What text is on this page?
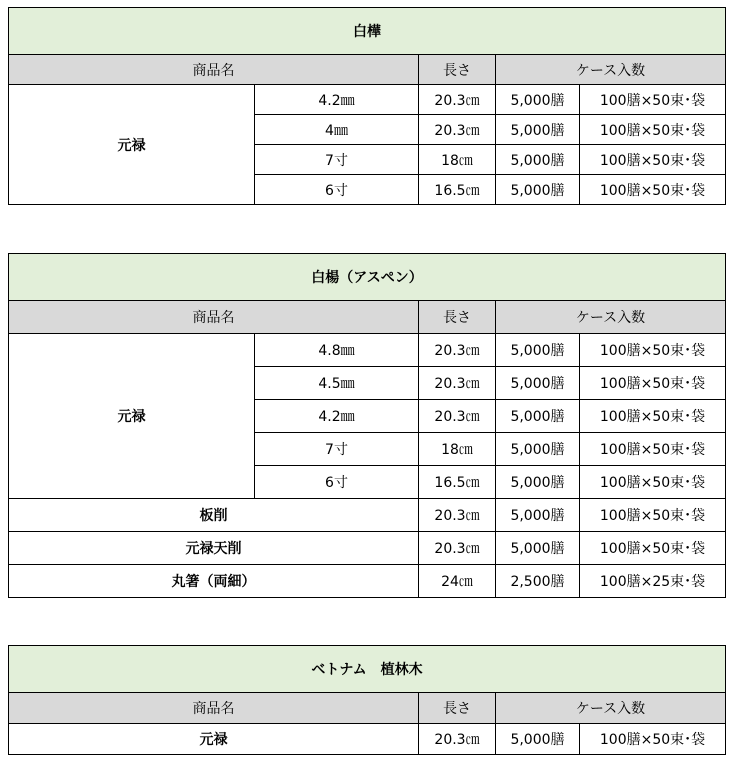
白樺				
商品名		長さ	ケース入数	
元禄	4.2㎜	20.3㎝	5,000膳	100膳×50束･袋
	4㎜	20.3㎝	5,000膳	100膳×50束･袋
	7寸	18㎝	5,000膳	100膳×50束･袋
	6寸	16.5㎝	5,000膳	100膳×50束･袋
白楊（アスペン）				
商品名		長さ	ケース入数	
元禄	4.8㎜	20.3㎝	5,000膳	100膳×50束･袋
	4.5㎜	20.3㎝	5,000膳	100膳×50束･袋
	4.2㎜	20.3㎝	5,000膳	100膳×50束･袋
	7寸	18㎝	5,000膳	100膳×50束･袋
	6寸	16.5㎝	5,000膳	100膳×50束･袋
板削		20.3㎝	5,000膳	100膳×50束･袋
元禄天削		20.3㎝	5,000膳	100膳×50束･袋
丸箸（両細）		24㎝	2,500膳	100膳×25束･袋
ベトナム　植林木			
商品名	長さ	ケース入数	
元禄	20.3㎝	5,000膳	100膳×50束･袋
